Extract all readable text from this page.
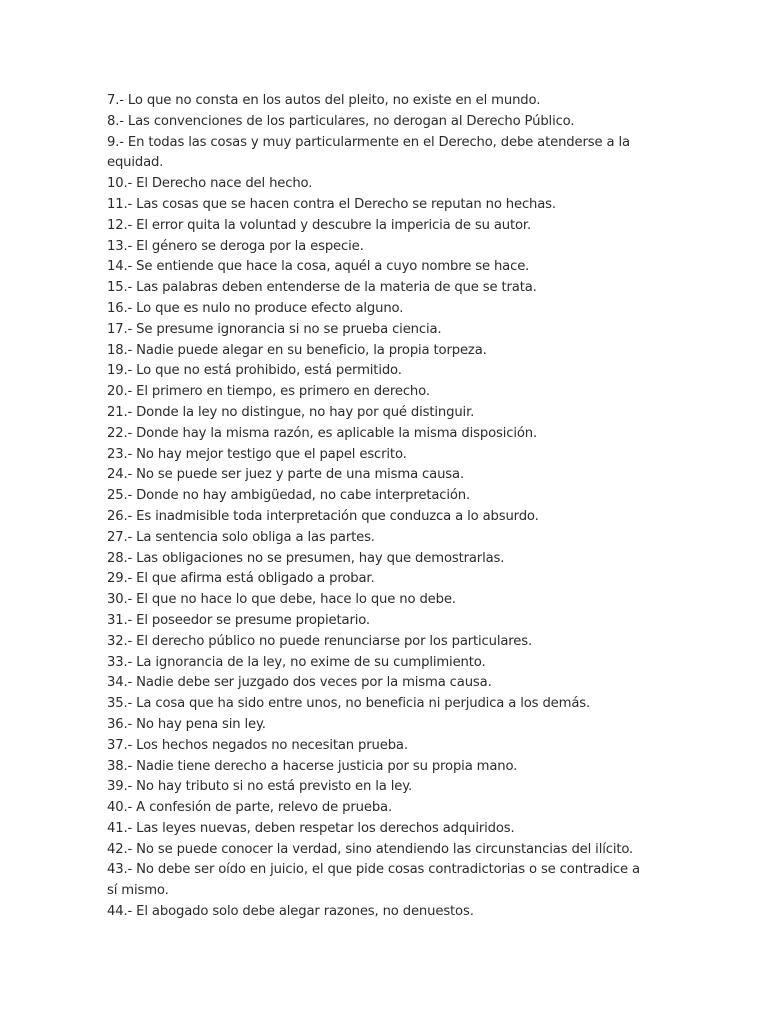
7.- Lo que no consta en los autos del pleito, no existe en el mundo.

8.- Las convenciones de los particulares, no derogan al Derecho Público.

9.- En todas las cosas y muy particularmente en el Derecho, debe atenderse a la equidad.

10.- El Derecho nace del hecho.

11.- Las cosas que se hacen contra el Derecho se reputan no hechas.

12.- El error quita la voluntad y descubre la impericia de su autor.

13.- El género se deroga por la especie.

14.- Se entiende que hace la cosa, aquél a cuyo nombre se hace.

15.- Las palabras deben entenderse de la materia de que se trata.

16.- Lo que es nulo no produce efecto alguno.

17.- Se presume ignorancia si no se prueba ciencia.

18.- Nadie puede alegar en su beneficio, la propia torpeza.

19.- Lo que no está prohibido, está permitido.

20.- El primero en tiempo, es primero en derecho.

21.- Donde la ley no distingue, no hay por qué distinguir.

22.- Donde hay la misma razón, es aplicable la misma disposición.

23.- No hay mejor testigo que el papel escrito.

24.- No se puede ser juez y parte de una misma causa.

25.- Donde no hay ambigüedad, no cabe interpretación.

26.- Es inadmisible toda interpretación que conduzca a lo absurdo.

27.- La sentencia solo obliga a las partes.

28.- Las obligaciones no se presumen, hay que demostrarlas.

29.- El que afirma está obligado a probar.

30.- El que no hace lo que debe, hace lo que no debe.

31.- El poseedor se presume propietario.

32.- El derecho público no puede renunciarse por los particulares.

33.- La ignorancia de la ley, no exime de su cumplimiento.

34.- Nadie debe ser juzgado dos veces por la misma causa.

35.- La cosa que ha sido entre unos, no beneficia ni perjudica a los demás.

36.- No hay pena sin ley.

37.- Los hechos negados no necesitan prueba.

38.- Nadie tiene derecho a hacerse justicia por su propia mano.

39.- No hay tributo si no está previsto en la ley.

40.- A confesión de parte, relevo de prueba.

41.- Las leyes nuevas, deben respetar los derechos adquiridos.

42.- No se puede conocer la verdad, sino atendiendo las circunstancias del ilícito.

43.- No debe ser oído en juicio, el que pide cosas contradictorias o se contradice a sí mismo.

44.- El abogado solo debe alegar razones, no denuestos.
